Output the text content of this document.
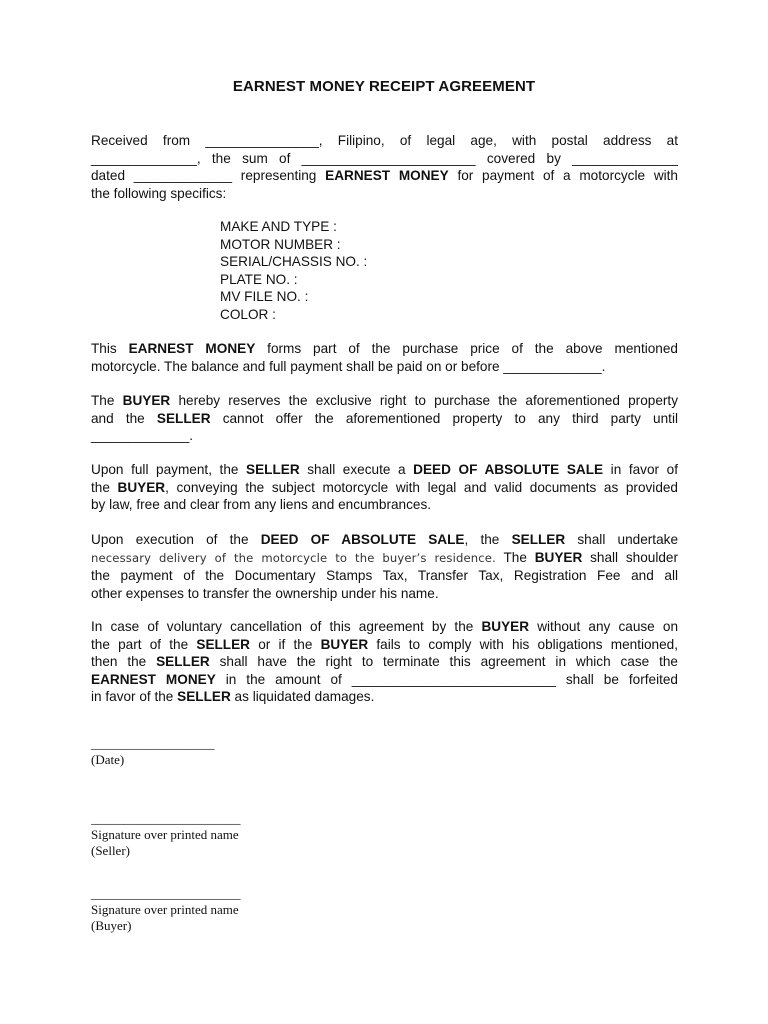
EARNEST MONEY RECEIPT AGREEMENT
Received from _______________, Filipino, of legal age, with postal address at
______________, the sum of _______________________ covered by ______________
dated _____________ representing EARNEST MONEY for payment of a motorcycle with
the following specifics:
MAKE AND TYPE :
MOTOR NUMBER :
SERIAL/CHASSIS NO. :
PLATE NO. :
MV FILE NO. :
COLOR :
This EARNEST MONEY forms part of the purchase price of the above mentioned
motorcycle. The balance and full payment shall be paid on or before _____________.
The BUYER hereby reserves the exclusive right to purchase the aforementioned property
and the SELLER cannot offer the aforementioned property to any third party until
_____________.
Upon full payment, the SELLER shall execute a DEED OF ABSOLUTE SALE in favor of
the BUYER, conveying the subject motorcycle with legal and valid documents as provided
by law, free and clear from any liens and encumbrances.
Upon execution of the DEED OF ABSOLUTE SALE, the SELLER shall undertake
necessary delivery of the motorcycle to the buyer’s residence. The BUYER shall shoulder
the payment of the Documentary Stamps Tax, Transfer Tax, Registration Fee and all
other expenses to transfer the ownership under his name.
In case of voluntary cancellation of this agreement by the BUYER without any cause on
the part of the SELLER or if the BUYER fails to comply with his obligations mentioned,
then the SELLER shall have the right to terminate this agreement in which case the
EARNEST MONEY in the amount of ___________________________ shall be forfeited
in favor of the SELLER as liquidated damages.
___________________
(Date)
_______________________
Signature over printed name
(Seller)
_______________________
Signature over printed name
(Buyer)
